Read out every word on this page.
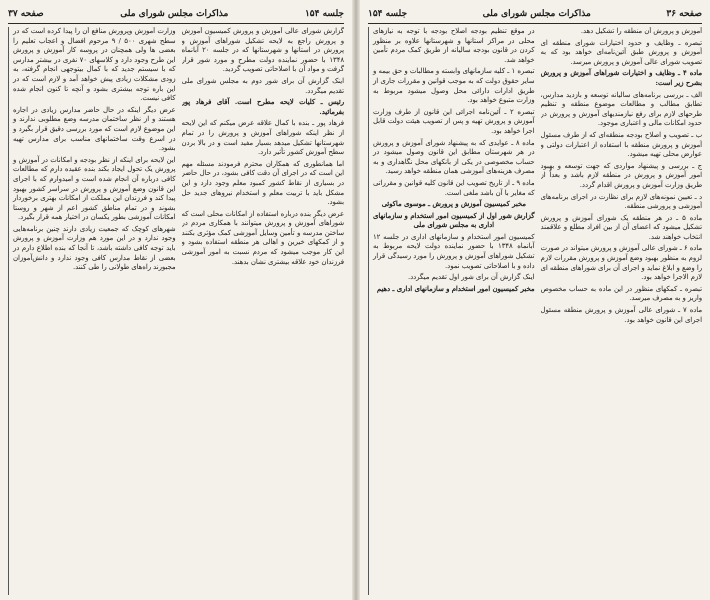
جلسه ۱۵۴
مذاکرات مجلس شورای ملی
صفحه ۳۷

گزارش شورای عالی آموزش و پرورش کمیسیون آموزش و پرورش راجع به لایحه تشکیل شوراهای آموزش و پرورش در استانها و شهرستانها که در جلسه ۲۰ آبانماه ۱۳۴۸ با حضور نماینده دولت مطرح و مورد شور قرار گرفت و مواد آن با اصلاحاتی تصویب گردید.

اینک گزارش آن برای شور دوم به مجلس شورای ملی تقدیم میگردد.

رئیس ـ کلیات لایحه مطرح است. آقای فرهاد پور بفرمائید.

فرهاد پور ـ بنده با کمال علاقه عرض میکنم که این لایحه از نظر اینکه شوراهای آموزش و پرورش را در تمام شهرستانها تشکیل میدهد بسیار مفید است و در بالا بردن سطح آموزش کشور تأثیر دارد.

اما همانطوری که همکاران محترم فرمودند مسئله مهم این است که در اجرای آن دقت کافی بشود، در حال حاضر در بسیاری از نقاط کشور کمبود معلم وجود دارد و این مشکل باید با تربیت معلم و استخدام نیروهای جدید حل بشود.

عرض دیگر بنده درباره استفاده از امکانات محلی است که شوراهای آموزش و پرورش میتوانند با همکاری مردم در ساختن مدرسه و تأمین وسایل آموزشی کمک مؤثری بکنند و از کمکهای خیرین و اهالی هر منطقه استفاده بشود و این کار موجب میشود که مردم نسبت به امور آموزشی فرزندان خود علاقه بیشتری نشان بدهند.

وزارت آموزش وپرورش منافع آن را پیدا کرده است که در سطح شهری ۵۰۰ / ۹ مرحوم افضال و اعجاب تعلیم را بعضی ها ولی همچنان در پروسه کار آموزش و پرورش این طرح وجود دارد و کلاسهای ۷۰ نفری در بیشتر مدارس که با سیستم جدید که با کمال بیتوجهی انجام گرفته، به زودی مشکلات زیادی پیش خواهد آمد و لازم است که در این باره توجه بیشتری بشود و آنچه تا کنون انجام شده کافی نیست.

عرض دیگر اینکه در حال حاضر مدارس زیادی در اجاره هستند و از نظر ساختمان مدرسه وضع مطلوبی ندارند و این موضوع لازم است که مورد بررسی دقیق قرار بگیرد و در اسرع وقت ساختمانهای مناسب برای مدارس تهیه بشود.

این لایحه برای اینکه از نظر بودجه و امکانات در آموزش و پرورش یک تحول ایجاد بکند بنده عقیده دارم که مطالعات کافی درباره آن انجام شده است و امیدوارم که با اجرای این قانون وضع آموزش و پرورش در سراسر کشور بهبود پیدا کند و فرزندان این مملکت از امکانات بهتری برخوردار بشوند و در تمام مناطق کشور اعم از شهر و روستا امکانات آموزشی بطور یکسان در اختیار همه قرار بگیرد.

شهرهای کوچک که جمعیت زیادی دارند چنین برنامه‌هایی وجود ندارد و در این مورد هم وزارت آموزش و پرورش باید توجه کافی داشته باشد، تا آنجا که بنده اطلاع دارم در بعضی از نقاط مدارس کافی وجود ندارد و دانش‌آموزان مجبورند راه‌های طولانی را طی کنند.

صفحه ۳۶
مذاکرات مجلس شورای ملی
جلسه ۱۵۴

آموزش و پرورش آن منطقه را تشکیل دهد.

تبصره ـ وظایف و حدود اختیارات شورای منطقه ای آموزش و پرورش طبق آئین‌نامه‌ای خواهد بود که به تصویب شورای عالی آموزش و پرورش میرسد.

ماده ۴ ـ وظایف و اختیارات شوراهای آموزش و پرورش بشرح زیر است:

الف ـ بررسی برنامه‌های سالیانه توسعه و بازدید مدارس، تطابق مطالب و مطالعات موضوع منطقه و تنظیم طرحهای لازم برای رفع نیازمندیهای آموزش و پرورش در حدود امکانات مالی و اعتباری موجود.

ب ـ تصویب و اصلاح بودجه منطقه‌ای که از طرف مسئول آموزش و پرورش منطقه با استفاده از اعتبارات دولتی و عوارض محلی تهیه میشود.

ج ـ بررسی و پیشنهاد مواردی که جهت توسعه و بهبود امور آموزش و پرورش در منطقه لازم باشد و بعداً از طریق وزارت آموزش و پرورش اقدام گردد.

د ـ تعیین نمونه‌های لازم برای نظارت در اجرای برنامه‌های آموزشی و پرورشی منطقه.

ماده ۵ ـ در هر منطقه یک شورای آموزش و پرورش تشکیل میشود که اعضای آن از بین افراد مطلع و علاقمند انتخاب خواهند شد.

ماده ۶ ـ شورای عالی آموزش و پرورش میتواند در صورت لزوم به منظور بهبود وضع آموزش و پرورش مقررات لازم را وضع و ابلاغ نماید و اجرای آن برای شوراهای منطقه ای لازم الاجرا خواهد بود.

تبصره ـ کمکهای منظور در این ماده به حساب مخصوص واریز و به مصرف میرسد.

ماده ۷ ـ شورای عالی آموزش و پرورش منطقه مسئول اجرای این قانون خواهد بود.

در موقع تنظیم بودجه اصلاح بودجه با توجه به نیازهای محلی در مراکز استانها و شهرستانها علاوه بر منظور کردن در قانون بودجه سالیانه از طریق کمک مردم تأمین خواهد شد.

تبصره ۱ ـ کلیه سازمانهای وابسته و مطالبات و حق بیمه و سایر حقوق دولت که به موجب قوانین و مقررات جاری از طریق ادارات دارائی محل وصول میشود مربوط به وزارت متبوع خواهد بود.

تبصره ۲ ـ آئین‌نامه اجرائی این قانون از طرف وزارت آموزش و پرورش تهیه و پس از تصویب هیئت دولت قابل اجرا خواهد بود.

ماده ۸ ـ عوایدی که به پیشنهاد شورای آموزش و پرورش در هر شهرستان مطابق این قانون وصول میشود در حساب مخصوصی در یکی از بانکهای محل نگاهداری و به مصرف هزینه‌های آموزشی همان منطقه خواهد رسید.

ماده ۹ ـ از تاریخ تصویب این قانون کلیه قوانین و مقرراتی که مغایر با آن باشد ملغی است.

مخبر کمیسیون آموزش و پرورش ـ موسوی ماکوئی

گزارش شور اول از کمیسیون امور استخدام و سازمانهای اداری به مجلس شورای ملی

کمیسیون امور استخدام و سازمانهای اداری در جلسه ۱۲ آبانماه ۱۳۴۸ با حضور نماینده دولت لایحه مربوط به تشکیل شوراهای آموزش و پرورش را مورد رسیدگی قرار داده و با اصلاحاتی تصویب نمود.

اینک گزارش آن برای شور اول تقدیم میگردد.

مخبر کمیسیون امور استخدام و سازمانهای اداری ـ دهیم
